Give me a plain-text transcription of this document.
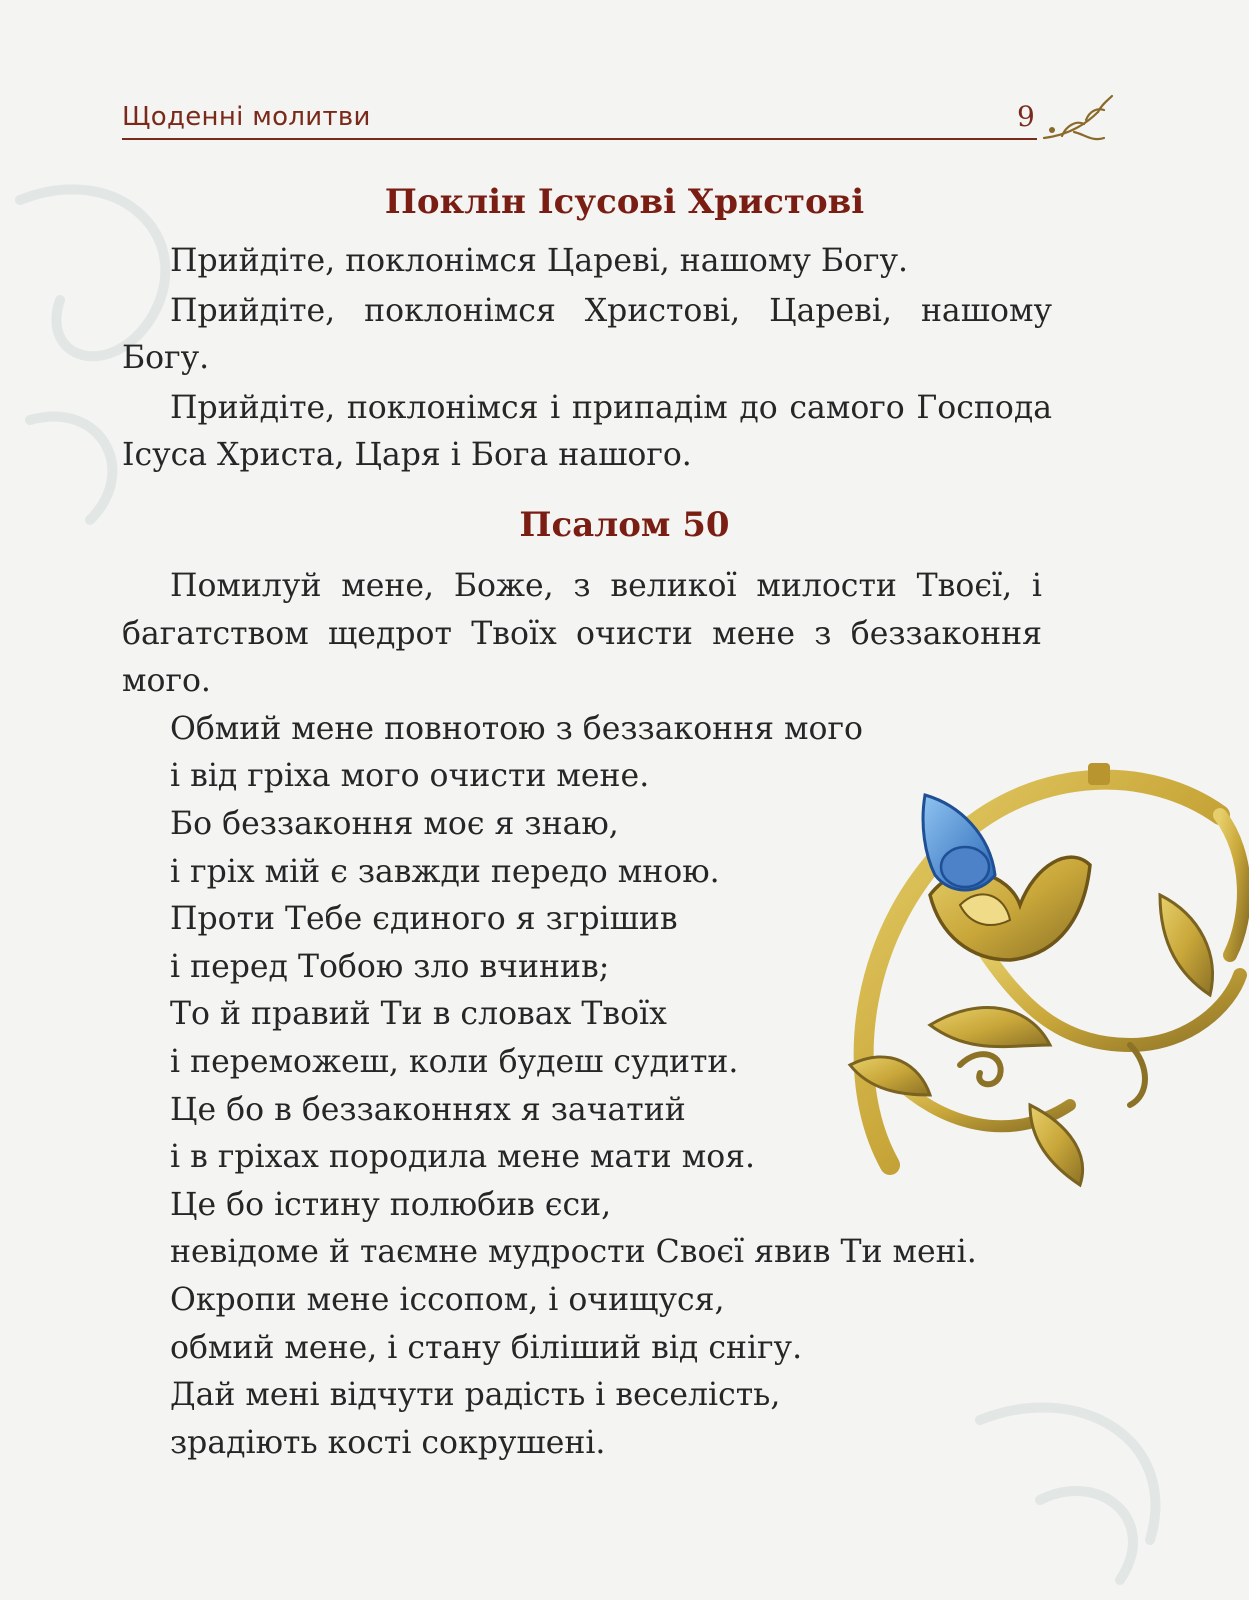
Щоденні молитви	9
Поклін Ісусові Христові

Прийдіте, поклонімся Цареві, нашому Богу.

Прийдіте, поклонімся Христові, Цареві, нашому Богу.

Прийдіте, поклонімся і припадім до самого Господа Ісуса Христа, Царя і Бога нашого.

Псалом 50
Помилуй мене, Боже, з великої милости Твоєї, і багатством щедрот Твоїх очисти мене з беззаконня мого.
Обмий мене повнотою з беззаконня мого
і від гріха мого очисти мене.
Бо беззаконня моє я знаю,
і гріх мій є завжди передо мною.
Проти Тебе єдиного я згрішив
і перед Тобою зло вчинив;
То й правий Ти в словах Твоїх
і переможеш, коли будеш судити.
Це бо в беззаконнях я зачатий
і в гріхах породила мене мати моя.
Це бо істину полюбив єси,
невідоме й таємне мудрости Своєї явив Ти мені.
Окропи мене іссопом, і очищуся,
обмий мене, і стану біліший від снігу.
Дай мені відчути радість і веселість,
зрадіють кості сокрушені.
